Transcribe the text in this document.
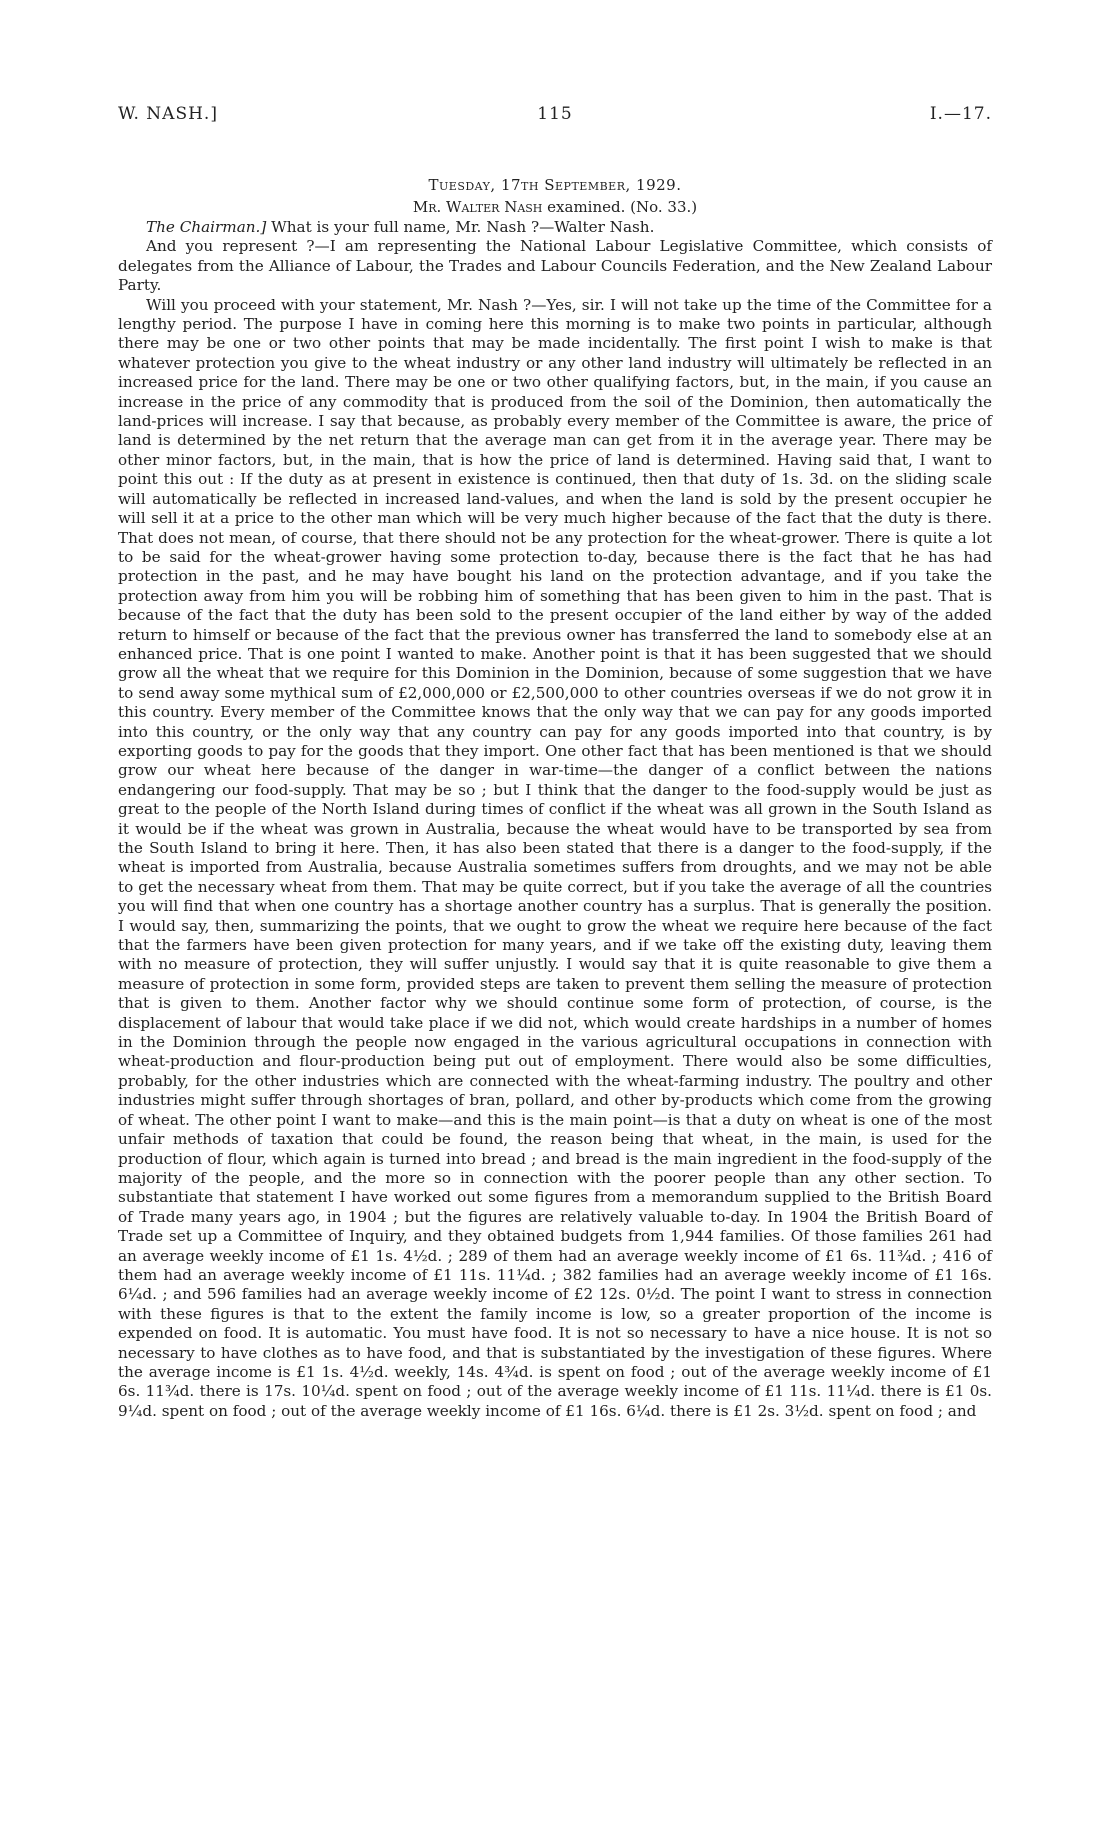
W. NASH.]	115	I.—17.
Tuesday, 17th September, 1929.
Mr. Walter Nash examined. (No. 33.)

The Chairman.] What is your full name, Mr. Nash ?—Walter Nash.

And you represent ?—I am representing the National Labour Legislative Committee, which consists of delegates from the Alliance of Labour, the Trades and Labour Councils Federation, and the New Zealand Labour Party.

Will you proceed with your statement, Mr. Nash ?—Yes, sir. I will not take up the time of the Committee for a lengthy period. The purpose I have in coming here this morning is to make two points in particular, although there may be one or two other points that may be made incidentally. The first point I wish to make is that whatever protection you give to the wheat industry or any other land industry will ultimately be reflected in an increased price for the land. There may be one or two other qualifying factors, but, in the main, if you cause an increase in the price of any commodity that is produced from the soil of the Dominion, then automatically the land-prices will increase. I say that because, as probably every member of the Committee is aware, the price of land is determined by the net return that the average man can get from it in the average year. There may be other minor factors, but, in the main, that is how the price of land is determined. Having said that, I want to point this out : If the duty as at present in existence is continued, then that duty of 1s. 3d. on the sliding scale will automatically be reflected in increased land-values, and when the land is sold by the present occupier he will sell it at a price to the other man which will be very much higher because of the fact that the duty is there. That does not mean, of course, that there should not be any protection for the wheat-grower. There is quite a lot to be said for the wheat-grower having some protection to-day, because there is the fact that he has had protection in the past, and he may have bought his land on the protection advantage, and if you take the protection away from him you will be robbing him of something that has been given to him in the past. That is because of the fact that the duty has been sold to the present occupier of the land either by way of the added return to himself or because of the fact that the previous owner has transferred the land to somebody else at an enhanced price. That is one point I wanted to make. Another point is that it has been suggested that we should grow all the wheat that we require for this Dominion in the Dominion, because of some suggestion that we have to send away some mythical sum of £2,000,000 or £2,500,000 to other countries overseas if we do not grow it in this country. Every member of the Committee knows that the only way that we can pay for any goods imported into this country, or the only way that any country can pay for any goods imported into that country, is by exporting goods to pay for the goods that they import. One other fact that has been mentioned is that we should grow our wheat here because of the danger in war-time—the danger of a conflict between the nations endangering our food-supply. That may be so ; but I think that the danger to the food-supply would be just as great to the people of the North Island during times of conflict if the wheat was all grown in the South Island as it would be if the wheat was grown in Australia, because the wheat would have to be transported by sea from the South Island to bring it here. Then, it has also been stated that there is a danger to the food-supply, if the wheat is imported from Australia, because Australia sometimes suffers from droughts, and we may not be able to get the necessary wheat from them. That may be quite correct, but if you take the average of all the countries you will find that when one country has a shortage another country has a surplus. That is generally the position. I would say, then, summarizing the points, that we ought to grow the wheat we require here because of the fact that the farmers have been given protection for many years, and if we take off the existing duty, leaving them with no measure of protection, they will suffer unjustly. I would say that it is quite reasonable to give them a measure of protection in some form, provided steps are taken to prevent them selling the measure of protection that is given to them. Another factor why we should continue some form of protection, of course, is the displacement of labour that would take place if we did not, which would create hardships in a number of homes in the Dominion through the people now engaged in the various agricultural occupations in connection with wheat-production and flour-production being put out of employment. There would also be some difficulties, probably, for the other industries which are connected with the wheat-farming industry. The poultry and other industries might suffer through shortages of bran, pollard, and other by-products which come from the growing of wheat. The other point I want to make—and this is the main point—is that a duty on wheat is one of the most unfair methods of taxation that could be found, the reason being that wheat, in the main, is used for the production of flour, which again is turned into bread ; and bread is the main ingredient in the food-supply of the majority of the people, and the more so in connection with the poorer people than any other section. To substantiate that statement I have worked out some figures from a memorandum supplied to the British Board of Trade many years ago, in 1904 ; but the figures are relatively valuable to-day. In 1904 the British Board of Trade set up a Committee of Inquiry, and they obtained budgets from 1,944 families. Of those families 261 had an average weekly income of £1 1s. 4½d. ; 289 of them had an average weekly income of £1 6s. 11¾d. ; 416 of them had an average weekly income of £1 11s. 11¼d. ; 382 families had an average weekly income of £1 16s. 6¼d. ; and 596 families had an average weekly income of £2 12s. 0½d. The point I want to stress in connection with these figures is that to the extent the family income is low, so a greater proportion of the income is expended on food. It is automatic. You must have food. It is not so necessary to have a nice house. It is not so necessary to have clothes as to have food, and that is substantiated by the investigation of these figures. Where the average income is £1 1s. 4½d. weekly, 14s. 4¾d. is spent on food ; out of the average weekly income of £1 6s. 11¾d. there is 17s. 10¼d. spent on food ; out of the average weekly income of £1 11s. 11¼d. there is £1 0s. 9¼d. spent on food ; out of the average weekly income of £1 16s. 6¼d. there is £1 2s. 3½d. spent on food ; and
